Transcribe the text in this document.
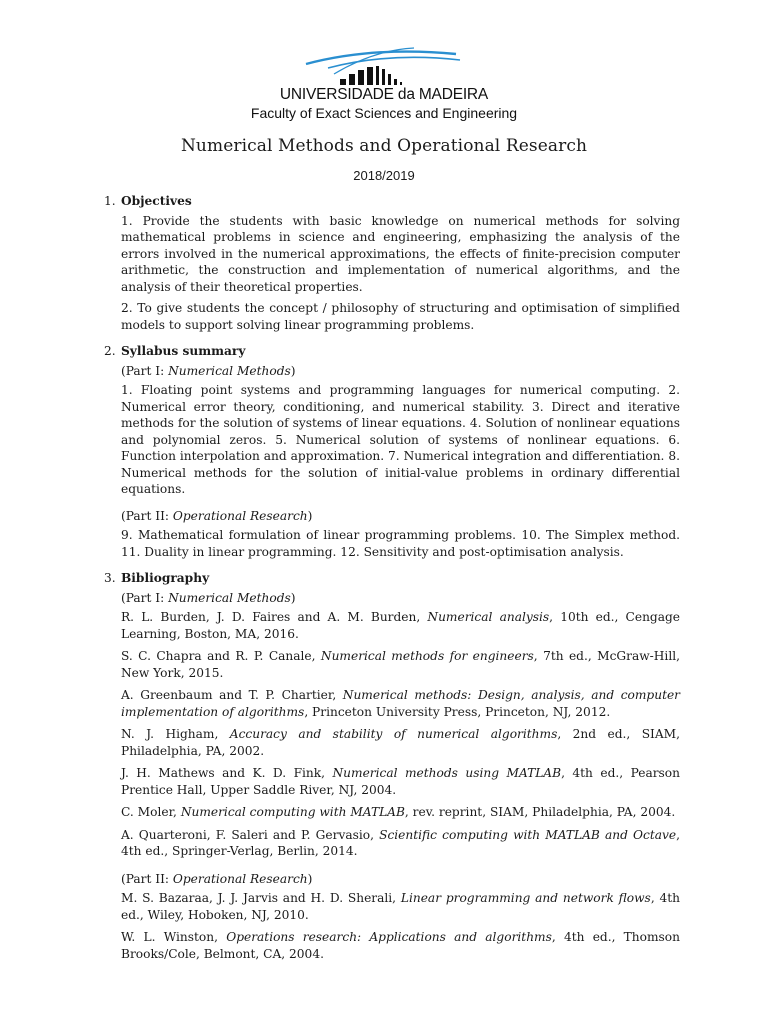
UNIVERSIDADE da MADEIRA
Faculty of Exact Sciences and Engineering
Numerical Methods and Operational Research
2018/2019
1. Objectives

1. Provide the students with basic knowledge on numerical methods for solving mathematical problems in science and engineering, emphasizing the analysis of the errors involved in the numerical approximations, the effects of finite-precision computer arithmetic, the construction and implementation of numerical algorithms, and the analysis of their theoretical properties.

2. To give students the concept / philosophy of structuring and optimisation of simplified models to support solving linear programming problems.

2. Syllabus summary
(Part I: Numerical Methods)

1. Floating point systems and programming languages for numerical computing. 2. Numerical error theory, conditioning, and numerical stability. 3. Direct and iterative methods for the solution of systems of linear equations. 4. Solution of nonlinear equations and polynomial zeros. 5. Numerical solution of systems of nonlinear equations. 6. Function interpolation and approximation. 7. Numerical integration and differentiation. 8. Numerical methods for the solution of initial-value problems in ordinary differential equations.

(Part II: Operational Research)

9. Mathematical formulation of linear programming problems. 10. The Simplex method. 11. Duality in linear programming. 12. Sensitivity and post-optimisation analysis.

3. Bibliography
(Part I: Numerical Methods)
R. L. Burden, J. D. Faires and A. M. Burden, Numerical analysis, 10th ed., Cengage Learning, Boston, MA, 2016.
S. C. Chapra and R. P. Canale, Numerical methods for engineers, 7th ed., McGraw-Hill, New York, 2015.
A. Greenbaum and T. P. Chartier, Numerical methods: Design, analysis, and computer implementation of algorithms, Princeton University Press, Princeton, NJ, 2012.
N. J. Higham, Accuracy and stability of numerical algorithms, 2nd ed., SIAM, Philadelphia, PA, 2002.
J. H. Mathews and K. D. Fink, Numerical methods using MATLAB, 4th ed., Pearson Prentice Hall, Upper Saddle River, NJ, 2004.
C. Moler, Numerical computing with MATLAB, rev. reprint, SIAM, Philadelphia, PA, 2004.
A. Quarteroni, F. Saleri and P. Gervasio, Scientific computing with MATLAB and Octave, 4th ed., Springer-Verlag, Berlin, 2014.
(Part II: Operational Research)
M. S. Bazaraa, J. J. Jarvis and H. D. Sherali, Linear programming and network flows, 4th ed., Wiley, Hoboken, NJ, 2010.
W. L. Winston, Operations research: Applications and algorithms, 4th ed., Thomson Brooks/Cole, Belmont, CA, 2004.
